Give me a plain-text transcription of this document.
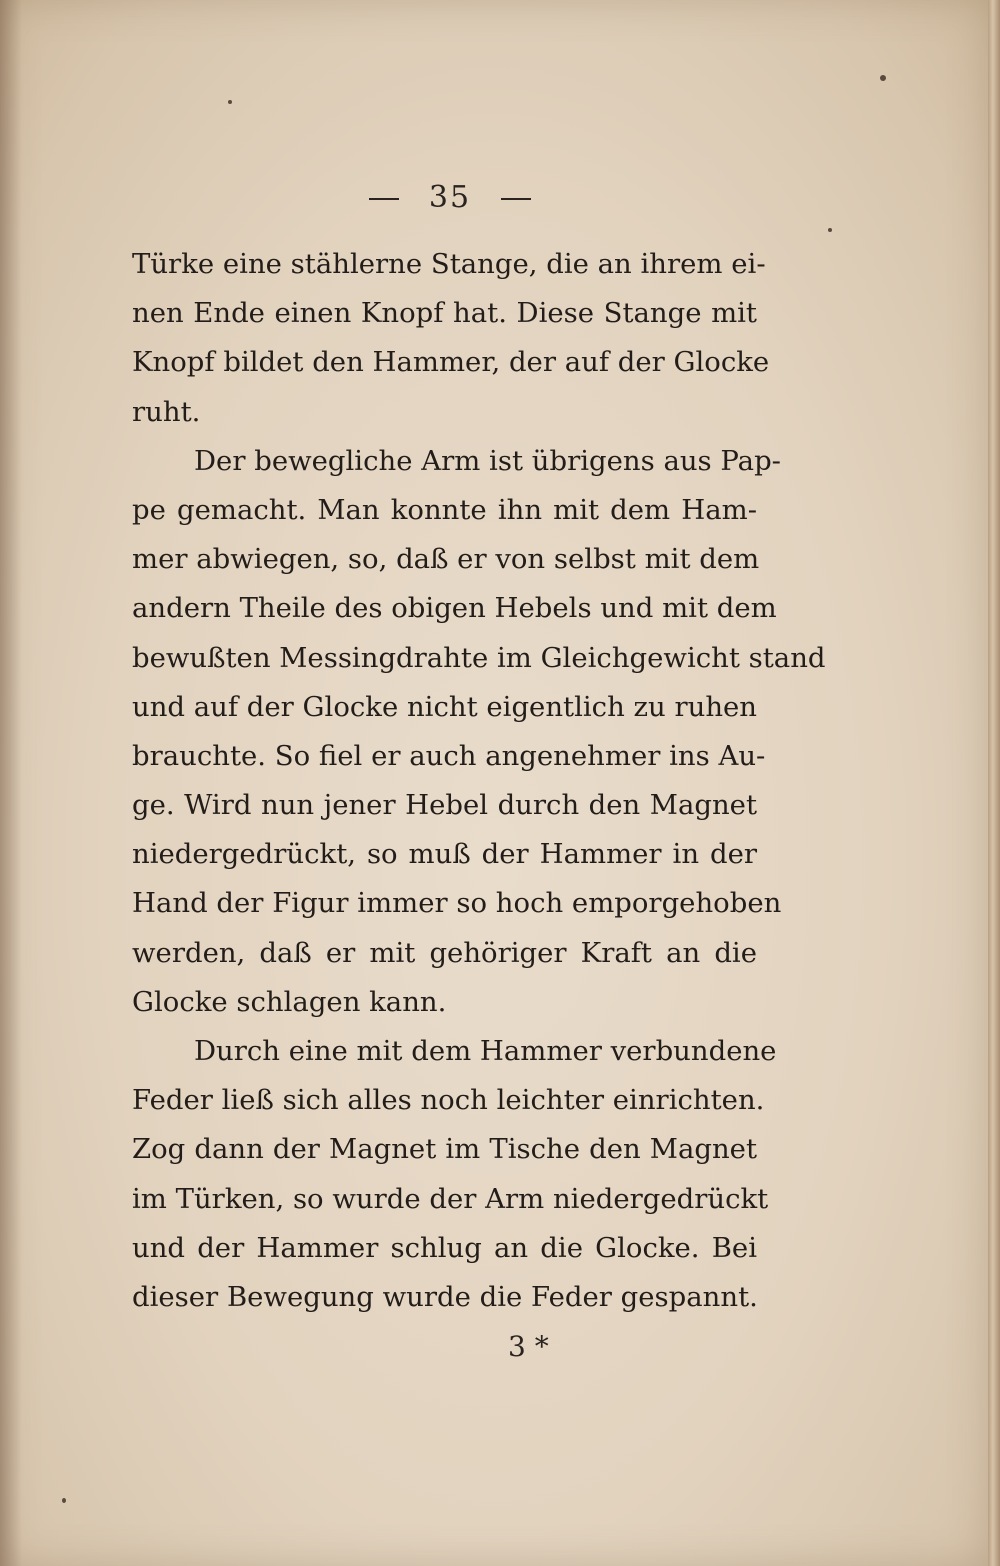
35
Türke eine stählerne Stange, die an ihrem ei-
nen Ende einen Knopf hat. Diese Stange mit
Knopf bildet den Hammer, der auf der Glocke
ruht.
Der bewegliche Arm ist übrigens aus Pap-
pe gemacht. Man konnte ihn mit dem Ham-
mer abwiegen, so, daß er von selbst mit dem
andern Theile des obigen Hebels und mit dem
bewußten Messingdrahte im Gleichgewicht stand
und auf der Glocke nicht eigentlich zu ruhen
brauchte. So fiel er auch angenehmer ins Au-
ge. Wird nun jener Hebel durch den Magnet
niedergedrückt, so muß der Hammer in der
Hand der Figur immer so hoch emporgehoben
werden, daß er mit gehöriger Kraft an die
Glocke schlagen kann.
Durch eine mit dem Hammer verbundene
Feder ließ sich alles noch leichter einrichten.
Zog dann der Magnet im Tische den Magnet
im Türken, so wurde der Arm niedergedrückt
und der Hammer schlug an die Glocke. Bei
dieser Bewegung wurde die Feder gespannt.
3 *
